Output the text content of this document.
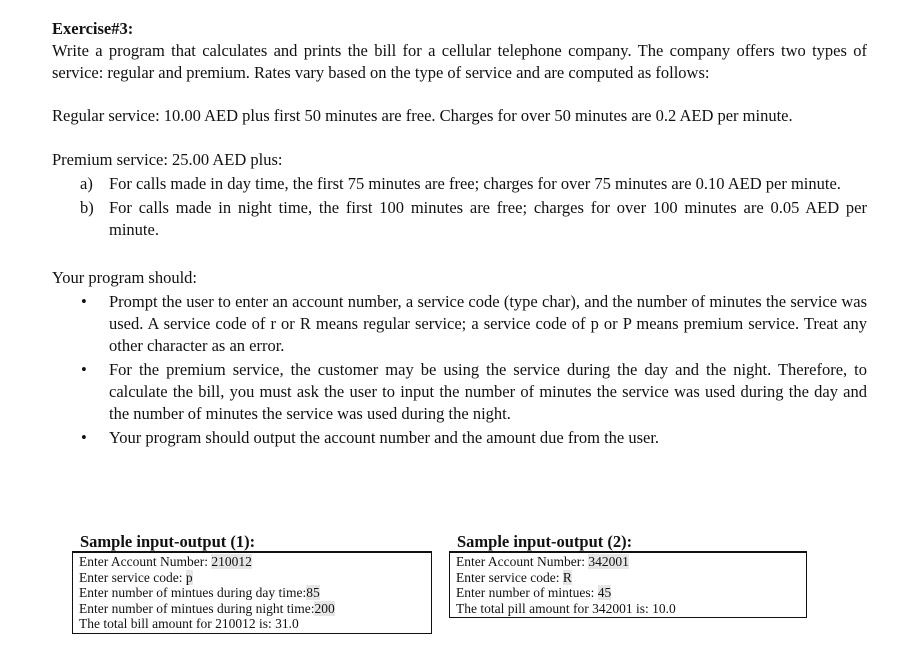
Exercise#3:

Write a program that calculates and prints the bill for a cellular telephone company. The company offers two types of service: regular and premium. Rates vary based on the type of service and are computed as follows:

Regular service: 10.00 AED plus first 50 minutes are free. Charges for over 50 minutes are 0.2 AED per minute.

Premium service: 25.00 AED plus:

a) For calls made in day time, the first 75 minutes are free; charges for over 75 minutes are 0.10 AED per minute.
b) For calls made in night time, the first 100 minutes are free; charges for over 100 minutes are 0.05 AED per minute.

Your program should:

• Prompt the user to enter an account number, a service code (type char), and the number of minutes the service was used. A service code of r or R means regular service; a service code of p or P means premium service. Treat any other character as an error.
• For the premium service, the customer may be using the service during the day and the night. Therefore, to calculate the bill, you must ask the user to input the number of minutes the service was used during the day and the number of minutes the service was used during the night.
• Your program should output the account number and the amount due from the user.

Sample input-output (1):

Enter Account Number: 210012
Enter service code: p
Enter number of mintues during day time:85
Enter number of mintues during night time:200
The total bill amount for 210012 is: 31.0

Sample input-output (2):

Enter Account Number: 342001
Enter service code: R
Enter number of mintues: 45
The total pill amount for 342001 is: 10.0
